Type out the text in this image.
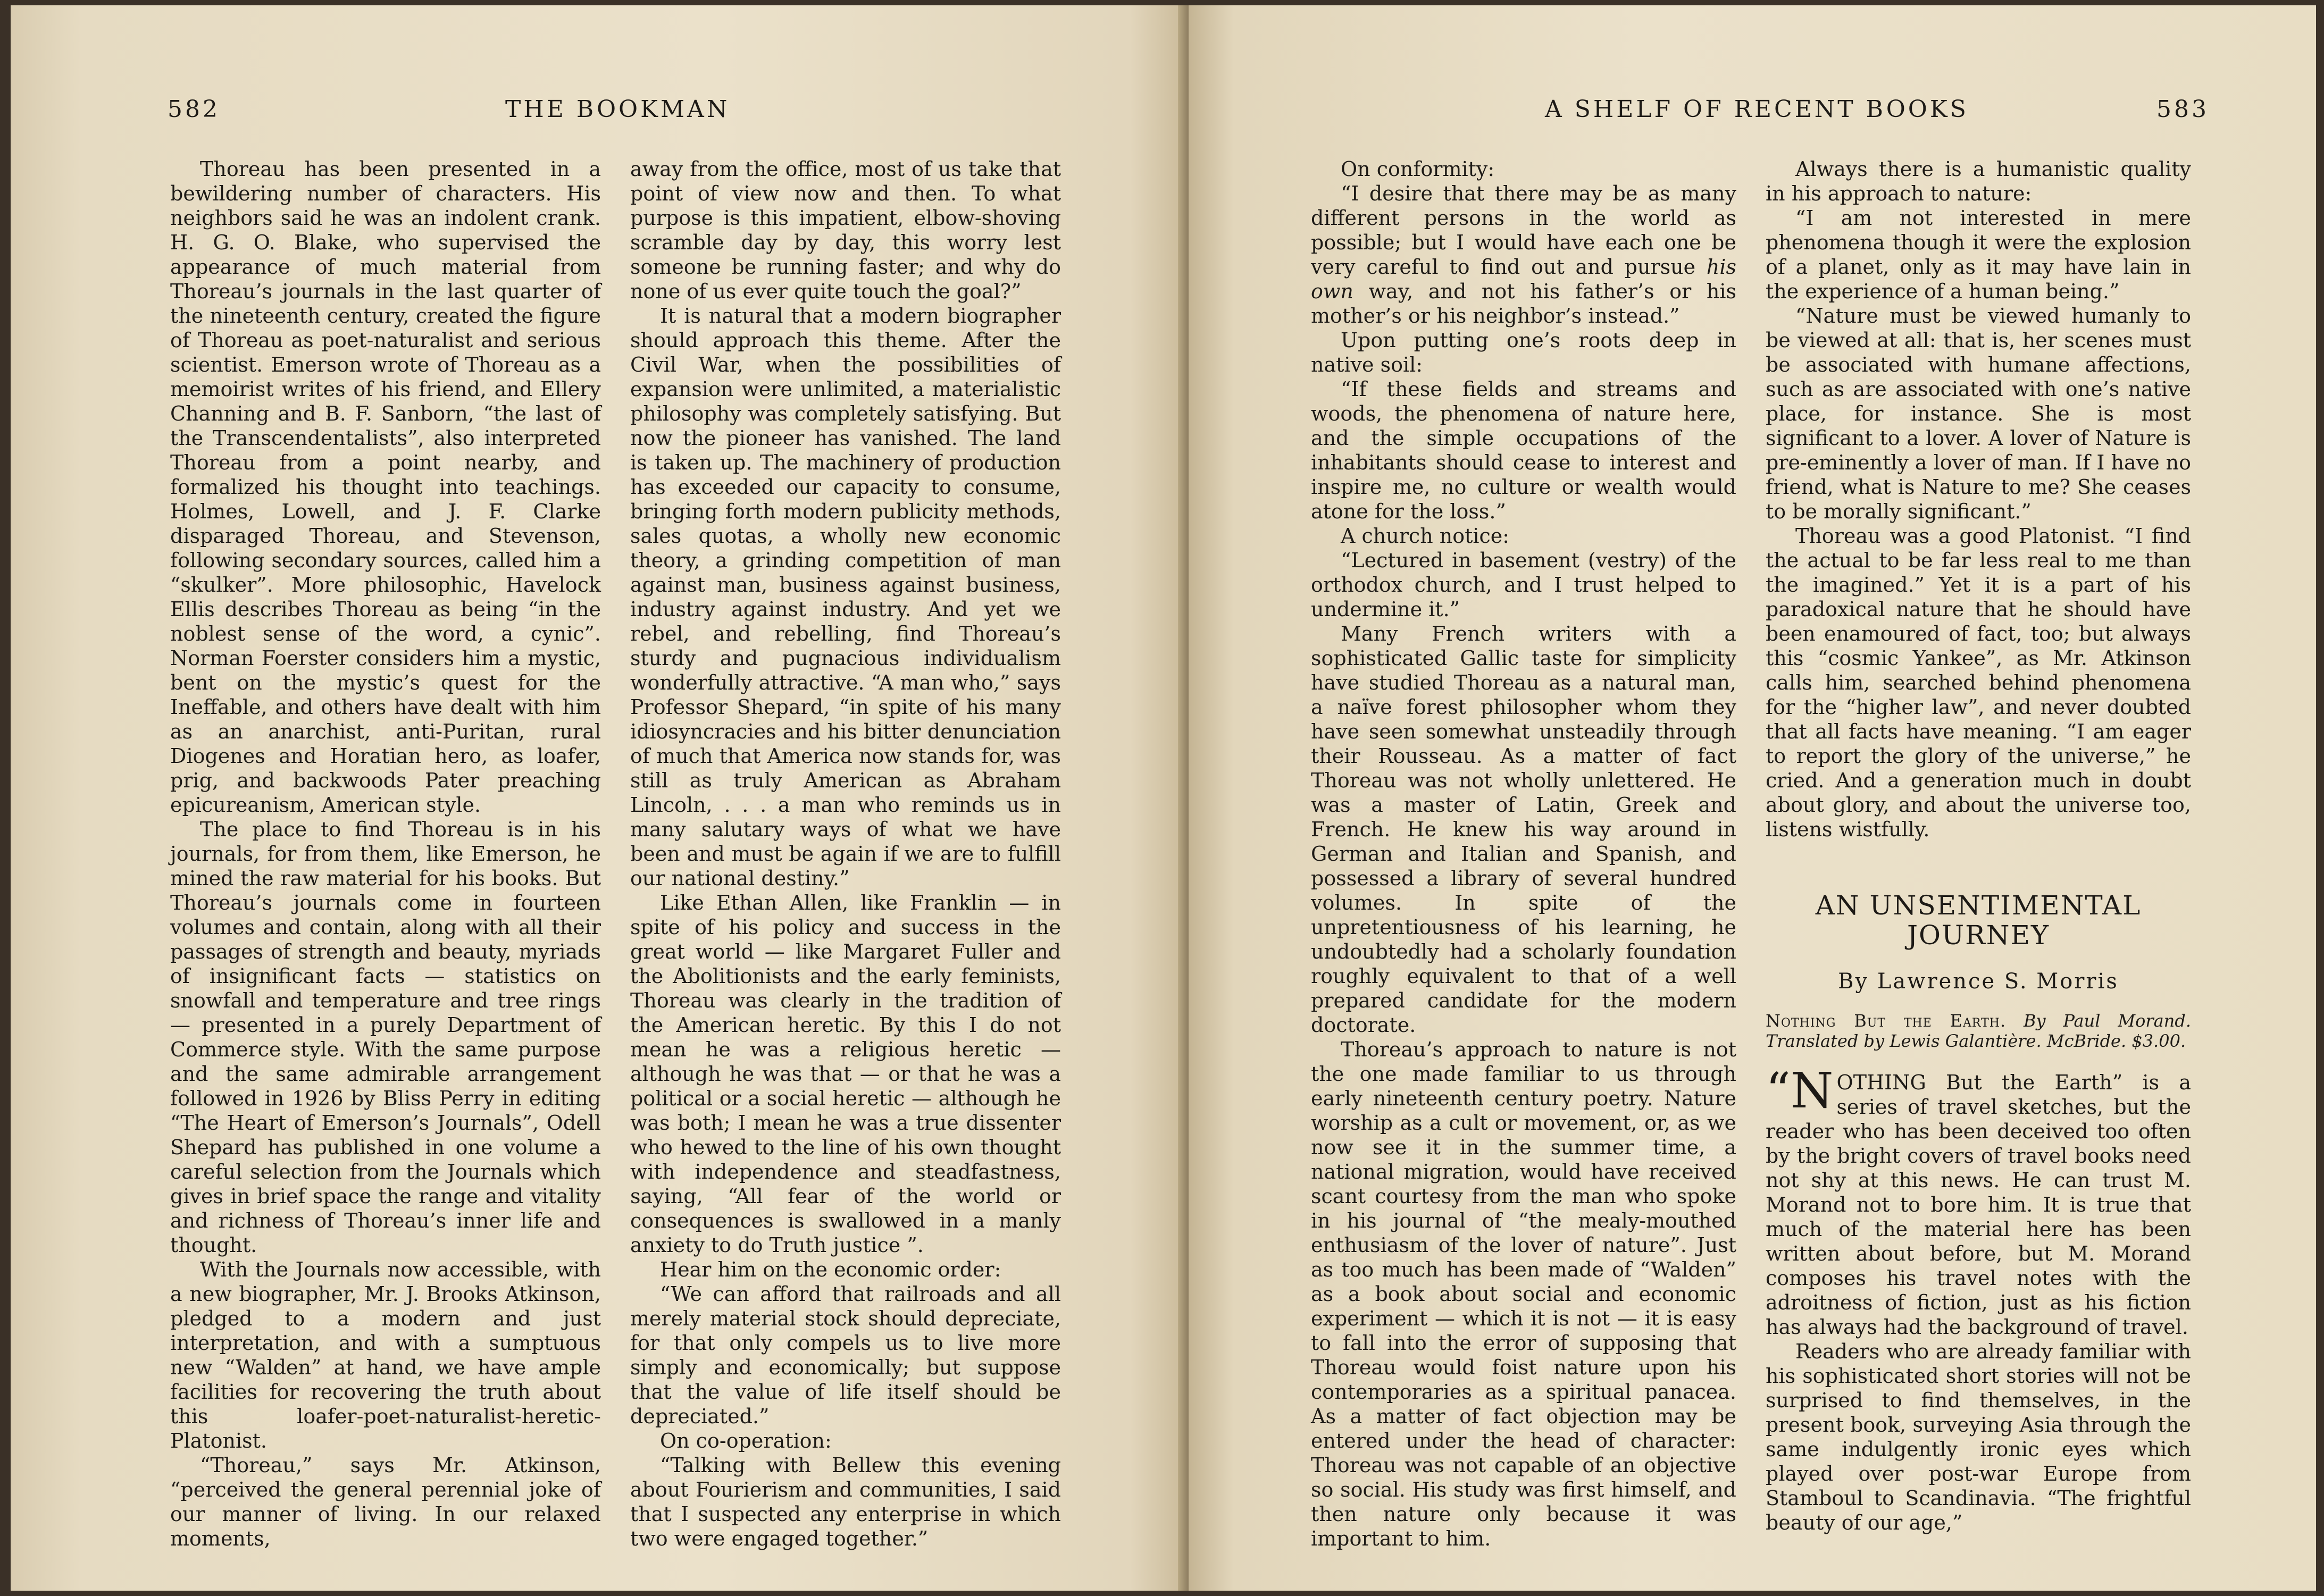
582	THE BOOKMAN

Thoreau has been presented in a bewildering number of characters. His neighbors said he was an indolent crank. H. G. O. Blake, who supervised the appearance of much material from Thoreau’s journals in the last quarter of the nineteenth century, created the figure of Thoreau as poet-naturalist and serious scientist. Emerson wrote of Thoreau as a memoirist writes of his friend, and Ellery Channing and B. F. Sanborn, “the last of the Transcendentalists”, also interpreted Thoreau from a point nearby, and formalized his thought into teachings. Holmes, Lowell, and J. F. Clarke disparaged Thoreau, and Stevenson, following secondary sources, called him a “skulker”. More philosophic, Havelock Ellis describes Thoreau as being “in the noblest sense of the word, a cynic”. Norman Foerster considers him a mystic, bent on the mystic’s quest for the Ineffable, and others have dealt with him as an anarchist, anti-Puritan, rural Diogenes and Horatian hero, as loafer, prig, and backwoods Pater preaching epicureanism, American style.

The place to find Thoreau is in his journals, for from them, like Emerson, he mined the raw material for his books. But Thoreau’s journals come in fourteen volumes and contain, along with all their passages of strength and beauty, myriads of insignificant facts — statistics on snowfall and temperature and tree rings — presented in a purely Department of Commerce style. With the same purpose and the same admirable arrangement followed in 1926 by Bliss Perry in editing “The Heart of Emerson’s Journals”, Odell Shepard has published in one volume a careful selection from the Journals which gives in brief space the range and vitality and richness of Thoreau’s inner life and thought.

With the Journals now accessible, with a new biographer, Mr. J. Brooks Atkinson, pledged to a modern and just interpretation, and with a sumptuous new “Walden” at hand, we have ample facilities for recovering the truth about this loafer-poet-naturalist-heretic-Platonist.

“Thoreau,” says Mr. Atkinson, “perceived the general perennial joke of our manner of living. In our relaxed moments,

away from the office, most of us take that point of view now and then. To what purpose is this impatient, elbow-shoving scramble day by day, this worry lest someone be running faster; and why do none of us ever quite touch the goal?”

It is natural that a modern biographer should approach this theme. After the Civil War, when the possibilities of expansion were unlimited, a materialistic philosophy was completely satisfying. But now the pioneer has vanished. The land is taken up. The machinery of production has exceeded our capacity to consume, bringing forth modern publicity methods, sales quotas, a wholly new economic theory, a grinding competition of man against man, business against business, industry against industry. And yet we rebel, and rebelling, find Thoreau’s sturdy and pugnacious individualism wonderfully attractive. “A man who,” says Professor Shepard, “in spite of his many idiosyncracies and his bitter denunciation of much that America now stands for, was still as truly American as Abraham Lincoln, . . . a man who reminds us in many salutary ways of what we have been and must be again if we are to fulfill our national destiny.”

Like Ethan Allen, like Franklin — in spite of his policy and success in the great world — like Margaret Fuller and the Abolitionists and the early feminists, Thoreau was clearly in the tradition of the American heretic. By this I do not mean he was a religious heretic — although he was that — or that he was a political or a social heretic — although he was both; I mean he was a true dissenter who hewed to the line of his own thought with independence and steadfastness, saying, “All fear of the world or consequences is swallowed in a manly anxiety to do Truth justice ”.

Hear him on the economic order:

“We can afford that railroads and all merely material stock should depreciate, for that only compels us to live more simply and economically; but suppose that the value of life itself should be depreciated.”

On co-operation:

“Talking with Bellew this evening about Fourierism and communities, I said that I suspected any enterprise in which two were engaged together.”

A SHELF OF RECENT BOOKS	583

On conformity:

“I desire that there may be as many different persons in the world as possible; but I would have each one be very careful to find out and pursue his own way, and not his father’s or his mother’s or his neighbor’s instead.”

Upon putting one’s roots deep in native soil:

“If these fields and streams and woods, the phenomena of nature here, and the simple occupations of the inhabitants should cease to interest and inspire me, no culture or wealth would atone for the loss.”

A church notice:

“Lectured in basement (vestry) of the orthodox church, and I trust helped to undermine it.”

Many French writers with a sophisticated Gallic taste for simplicity have studied Thoreau as a natural man, a naïve forest philosopher whom they have seen somewhat unsteadily through their Rousseau. As a matter of fact Thoreau was not wholly unlettered. He was a master of Latin, Greek and French. He knew his way around in German and Italian and Spanish, and possessed a library of several hundred volumes. In spite of the unpretentiousness of his learning, he undoubtedly had a scholarly foundation roughly equivalent to that of a well prepared candidate for the modern doctorate.

Thoreau’s approach to nature is not the one made familiar to us through early nineteenth century poetry. Nature worship as a cult or movement, or, as we now see it in the summer time, a national migration, would have received scant courtesy from the man who spoke in his journal of “the mealy-mouthed enthusiasm of the lover of nature”. Just as too much has been made of “Walden” as a book about social and economic experiment — which it is not — it is easy to fall into the error of supposing that Thoreau would foist nature upon his contemporaries as a spiritual panacea. As a matter of fact objection may be entered under the head of character: Thoreau was not capable of an objective so social. His study was first himself, and then nature only because it was important to him.

Always there is a humanistic quality in his approach to nature:

“I am not interested in mere phenomena though it were the explosion of a planet, only as it may have lain in the experience of a human being.”

“Nature must be viewed humanly to be viewed at all: that is, her scenes must be associated with humane affections, such as are associated with one’s native place, for instance. She is most significant to a lover. A lover of Nature is pre-eminently a lover of man. If I have no friend, what is Nature to me? She ceases to be morally significant.”

Thoreau was a good Platonist. “I find the actual to be far less real to me than the imagined.” Yet it is a part of his paradoxical nature that he should have been enamoured of fact, too; but always this “cosmic Yankee”, as Mr. Atkinson calls him, searched behind phenomena for the “higher law”, and never doubted that all facts have meaning. “I am eager to report the glory of the universe,” he cried. And a generation much in doubt about glory, and about the universe too, listens wistfully.

AN UNSENTIMENTAL JOURNEY
By Lawrence S. Morris

Nothing But the Earth. By Paul Morand. Translated by Lewis Galantière. McBride. $3.00.

“NOTHING But the Earth” is a series of travel sketches, but the reader who has been deceived too often by the bright covers of travel books need not shy at this news. He can trust M. Morand not to bore him. It is true that much of the material here has been written about before, but M. Morand composes his travel notes with the adroitness of fiction, just as his fiction has always had the background of travel.

Readers who are already familiar with his sophisticated short stories will not be surprised to find themselves, in the present book, surveying Asia through the same indulgently ironic eyes which played over post-war Europe from Stamboul to Scandinavia. “The frightful beauty of our age,”
